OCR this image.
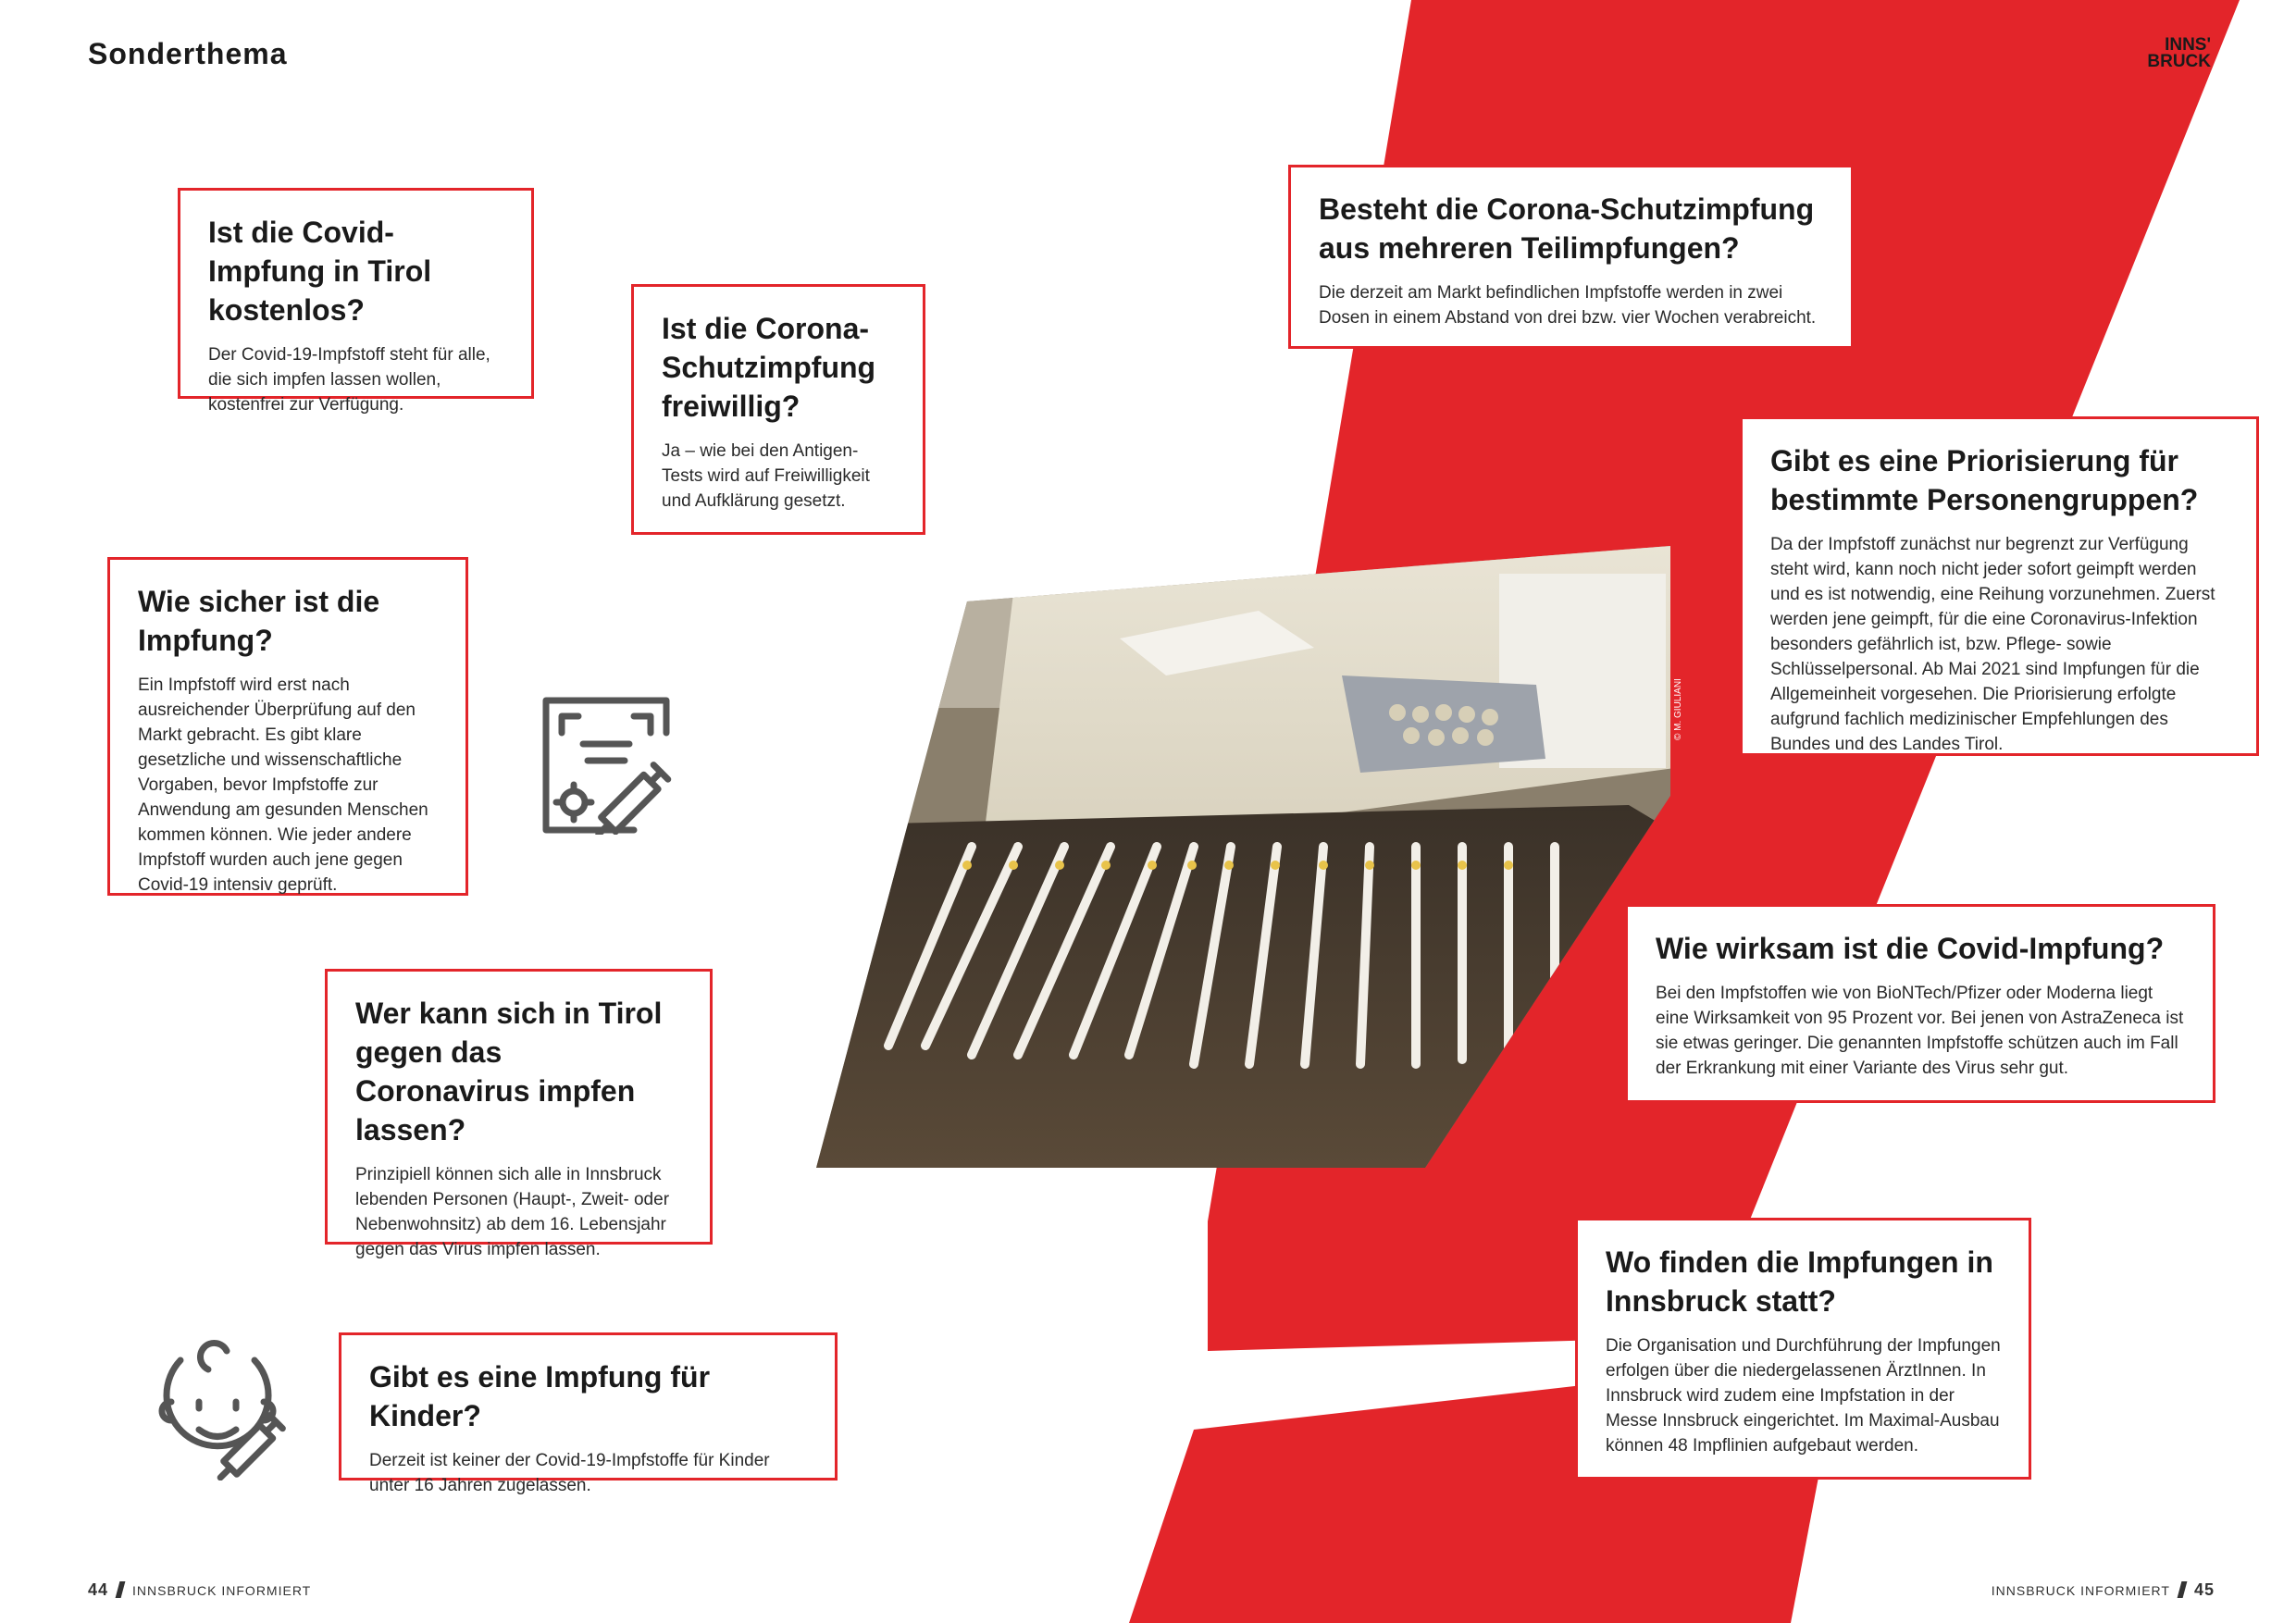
Sonderthema	INNS'
BRUCK
© M. GIULIANI
Ist die Covid-Impfung in Tirol kostenlos?

Der Covid-19-Impfstoff steht für alle, die sich impfen lassen wollen, kostenfrei zur Verfügung.

Ist die Corona-Schutzimpfung freiwillig?

Ja – wie bei den Antigen-Tests wird auf Freiwilligkeit und Aufklärung gesetzt.

Wie sicher ist die Impfung?

Ein Impfstoff wird erst nach ausreichender Überprüfung auf den Markt gebracht. Es gibt klare gesetzliche und wissenschaftliche Vorgaben, bevor Impfstoffe zur Anwendung am gesunden Menschen kommen können. Wie jeder andere Impfstoff wurden auch jene gegen Covid-19 intensiv geprüft.

Wer kann sich in Tirol gegen das Coronavirus impfen lassen?

Prinzipiell können sich alle in Innsbruck lebenden Personen (Haupt-, Zweit- oder Nebenwohnsitz) ab dem 16. Lebensjahr gegen das Virus impfen lassen.

Gibt es eine Impfung für Kinder?

Derzeit ist keiner der Covid-19-Impfstoffe für Kinder unter 16 Jahren zugelassen.

Besteht die Corona-Schutzimpfung aus mehreren Teilimpfungen?

Die derzeit am Markt befindlichen Impfstoffe werden in zwei Dosen in einem Abstand von drei bzw. vier Wochen verabreicht.

Gibt es eine Priorisierung für bestimmte Personengruppen?

Da der Impfstoff zunächst nur begrenzt zur Verfügung steht wird, kann noch nicht jeder sofort geimpft werden und es ist notwendig, eine Reihung vorzunehmen. Zuerst werden jene geimpft, für die eine Coronavirus-Infektion besonders gefährlich ist, bzw. Pflege- sowie Schlüsselpersonal. Ab Mai 2021 sind Impfungen für die Allgemeinheit vorgesehen. Die Priorisierung erfolgte aufgrund fachlich medizinischer Empfehlungen des Bundes und des Landes Tirol.

Wie wirksam ist die Covid-Impfung?

Bei den Impfstoffen wie von BioNTech/Pfizer oder Moderna liegt eine Wirksamkeit von 95 Prozent vor. Bei jenen von AstraZeneca ist sie etwas geringer. Die genannten Impfstoffe schützen auch im Fall der Erkrankung mit einer Variante des Virus sehr gut.

Wo finden die Impfungen in Innsbruck statt?

Die Organisation und Durchführung der Impfungen erfolgen über die niedergelassenen ÄrztInnen. In Innsbruck wird zudem eine Impfstation in der Messe Innsbruck eingerichtet. Im Maximal-Ausbau können 48 Impflinien aufgebaut werden.

44 INNSBRUCK INFORMIERT	INNSBRUCK INFORMIERT 45
